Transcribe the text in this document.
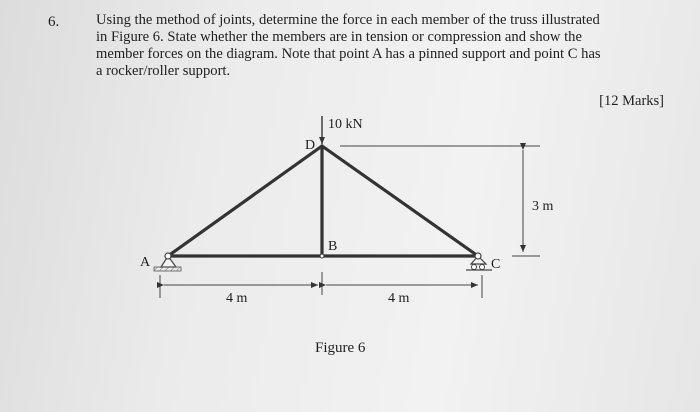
6.	Using the method of joints, determine the force in each member of the truss illustrated
in Figure 6. State whether the members are in tension or compression and show the
member forces on the diagram. Note that point A has a pinned support and point C has
a rocker/roller support.
[12 Marks]
10 kN
D
A
B
C
3 m
4 m	4 m
Figure 6
